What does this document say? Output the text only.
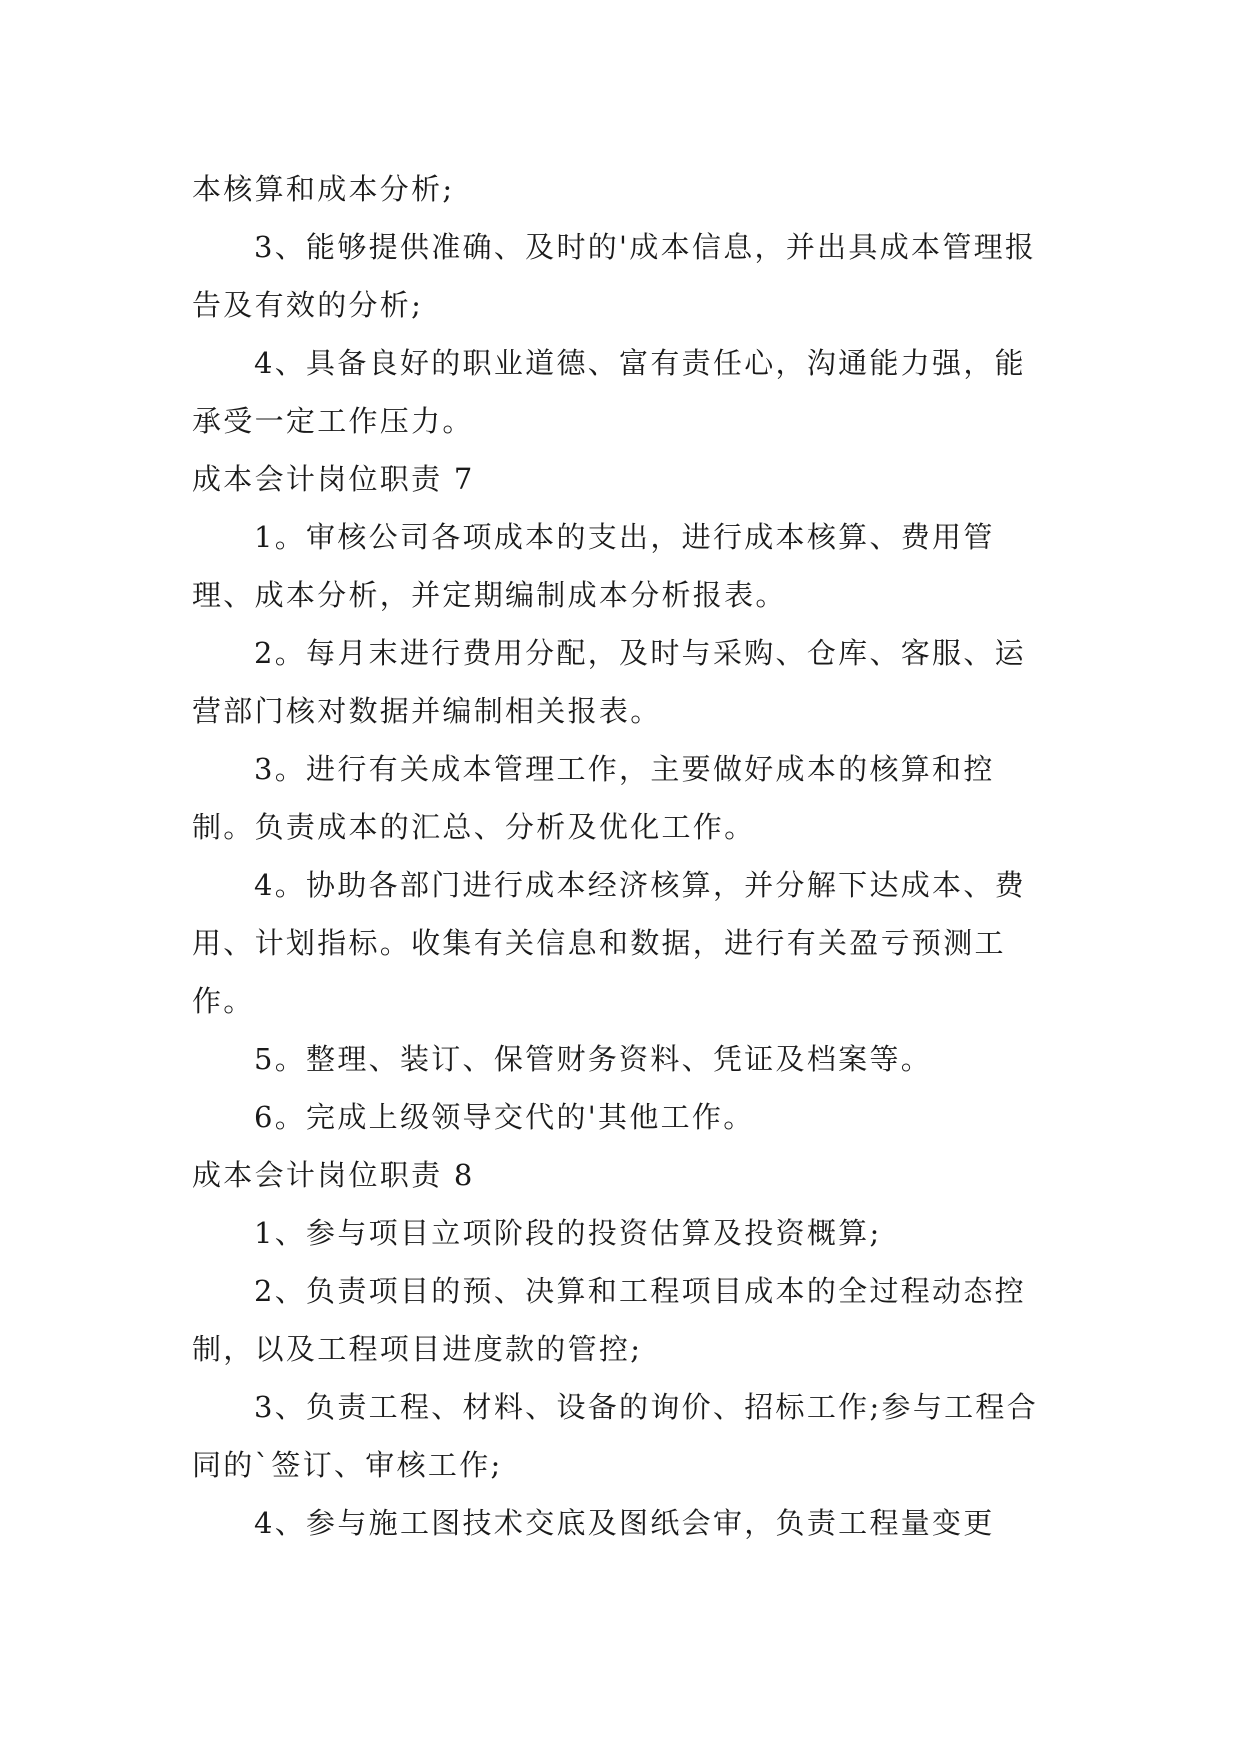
本核算和成本分析;

3、能够提供准确、及时的'成本信息，并出具成本管理报告及有效的分析;

4、具备良好的职业道德、富有责任心，沟通能力强，能承受一定工作压力。

成本会计岗位职责 7

1。审核公司各项成本的支出，进行成本核算、费用管理、成本分析，并定期编制成本分析报表。

2。每月末进行费用分配，及时与采购、仓库、客服、运营部门核对数据并编制相关报表。

3。进行有关成本管理工作，主要做好成本的核算和控制。负责成本的汇总、分析及优化工作。

4。协助各部门进行成本经济核算，并分解下达成本、费用、计划指标。收集有关信息和数据，进行有关盈亏预测工作。

5。整理、装订、保管财务资料、凭证及档案等。

6。完成上级领导交代的'其他工作。

成本会计岗位职责 8

1、参与项目立项阶段的投资估算及投资概算;

2、负责项目的预、决算和工程项目成本的全过程动态控制，以及工程项目进度款的管控;

3、负责工程、材料、设备的询价、招标工作;参与工程合同的`签订、审核工作;

4、参与施工图技术交底及图纸会审，负责工程量变更
